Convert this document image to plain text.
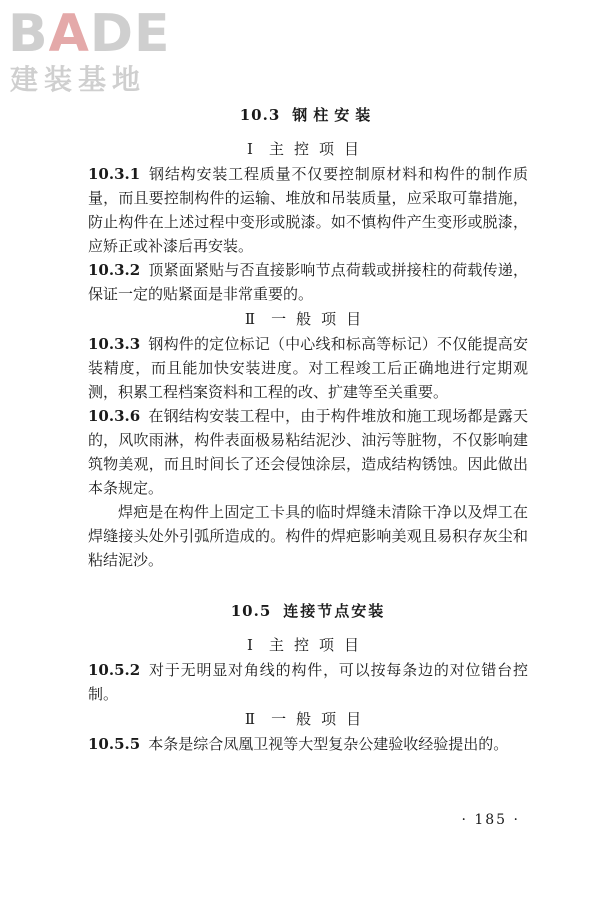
BADE
建装基地
10.3 钢柱安装

Ⅰ 主控项目

10.3.1 钢结构安装工程质量不仅要控制原材料和构件的制作质量，而且要控制构件的运输、堆放和吊装质量，应采取可靠措施，防止构件在上述过程中变形或脱漆。如不慎构件产生变形或脱漆，应矫正或补漆后再安装。

10.3.2 顶紧面紧贴与否直接影响节点荷载或拼接柱的荷载传递，保证一定的贴紧面是非常重要的。

Ⅱ 一般项目

10.3.3 钢构件的定位标记（中心线和标高等标记）不仅能提高安装精度，而且能加快安装进度。对工程竣工后正确地进行定期观测，积累工程档案资料和工程的改、扩建等至关重要。

10.3.6 在钢结构安装工程中，由于构件堆放和施工现场都是露天的，风吹雨淋，构件表面极易粘结泥沙、油污等脏物，不仅影响建筑物美观，而且时间长了还会侵蚀涂层，造成结构锈蚀。因此做出本条规定。

焊疤是在构件上固定工卡具的临时焊缝未清除干净以及焊工在焊缝接头处外引弧所造成的。构件的焊疤影响美观且易积存灰尘和粘结泥沙。

10.5 连接节点安装

Ⅰ 主控项目

10.5.2 对于无明显对角线的构件，可以按每条边的对位错台控制。

Ⅱ 一般项目

10.5.5 本条是综合凤凰卫视等大型复杂公建验收经验提出的。

· 185 ·
